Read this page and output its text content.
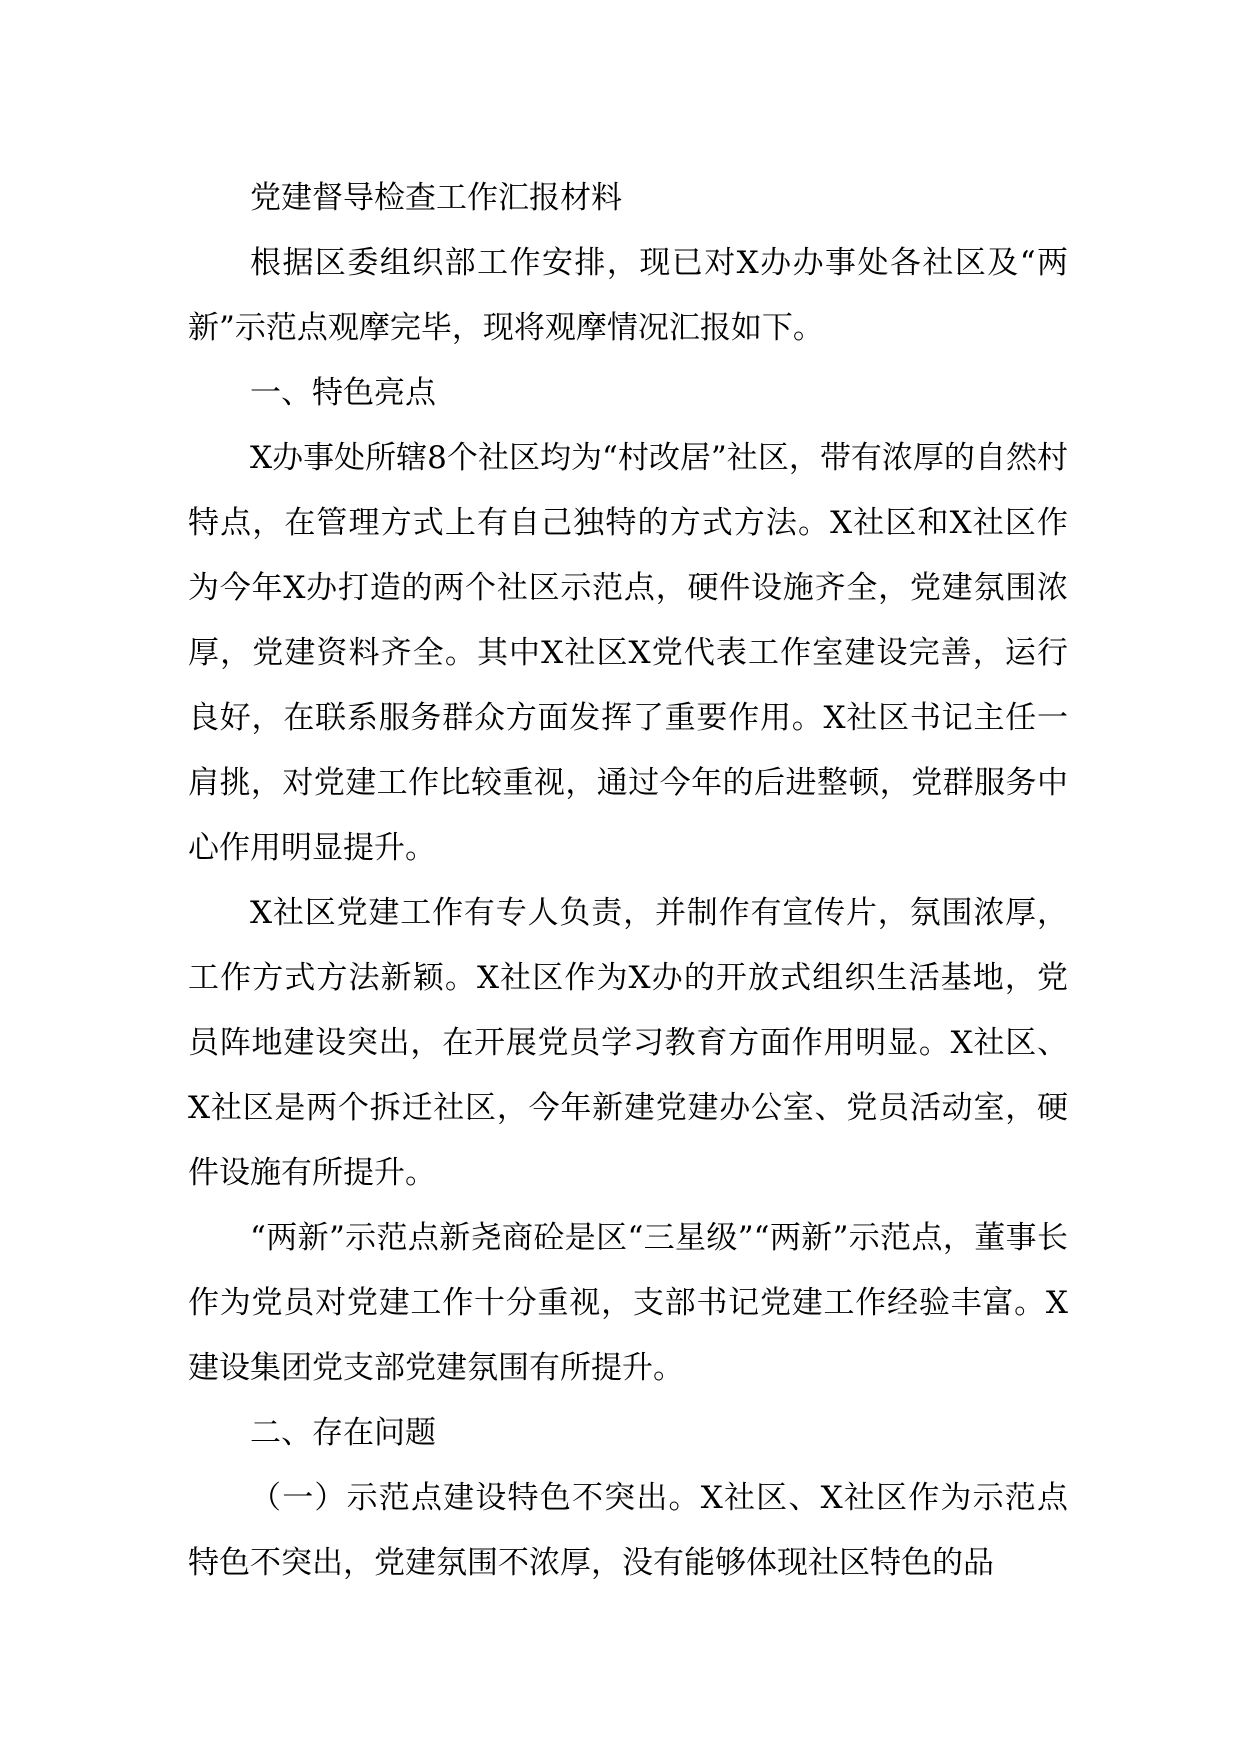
党建督导检查工作汇报材料

根据区委组织部工作安排，现已对X办办事处各社区及“两新”示范点观摩完毕，现将观摩情况汇报如下。

一、特色亮点

X办事处所辖8个社区均为“村改居”社区，带有浓厚的自然村特点，在管理方式上有自己独特的方式方法。X社区和X社区作为今年X办打造的两个社区示范点，硬件设施齐全，党建氛围浓厚，党建资料齐全。其中X社区X党代表工作室建设完善，运行良好，在联系服务群众方面发挥了重要作用。X社区书记主任一肩挑，对党建工作比较重视，通过今年的后进整顿，党群服务中心作用明显提升。

X社区党建工作有专人负责，并制作有宣传片，氛围浓厚，工作方式方法新颖。X社区作为X办的开放式组织生活基地，党员阵地建设突出，在开展党员学习教育方面作用明显。X社区、X社区是两个拆迁社区，今年新建党建办公室、党员活动室，硬件设施有所提升。

“两新”示范点新尧商砼是区“三星级”“两新”示范点，董事长作为党员对党建工作十分重视，支部书记党建工作经验丰富。X建设集团党支部党建氛围有所提升。

二、存在问题

（一）示范点建设特色不突出。X社区、X社区作为示范点特色不突出，党建氛围不浓厚，没有能够体现社区特色的品
